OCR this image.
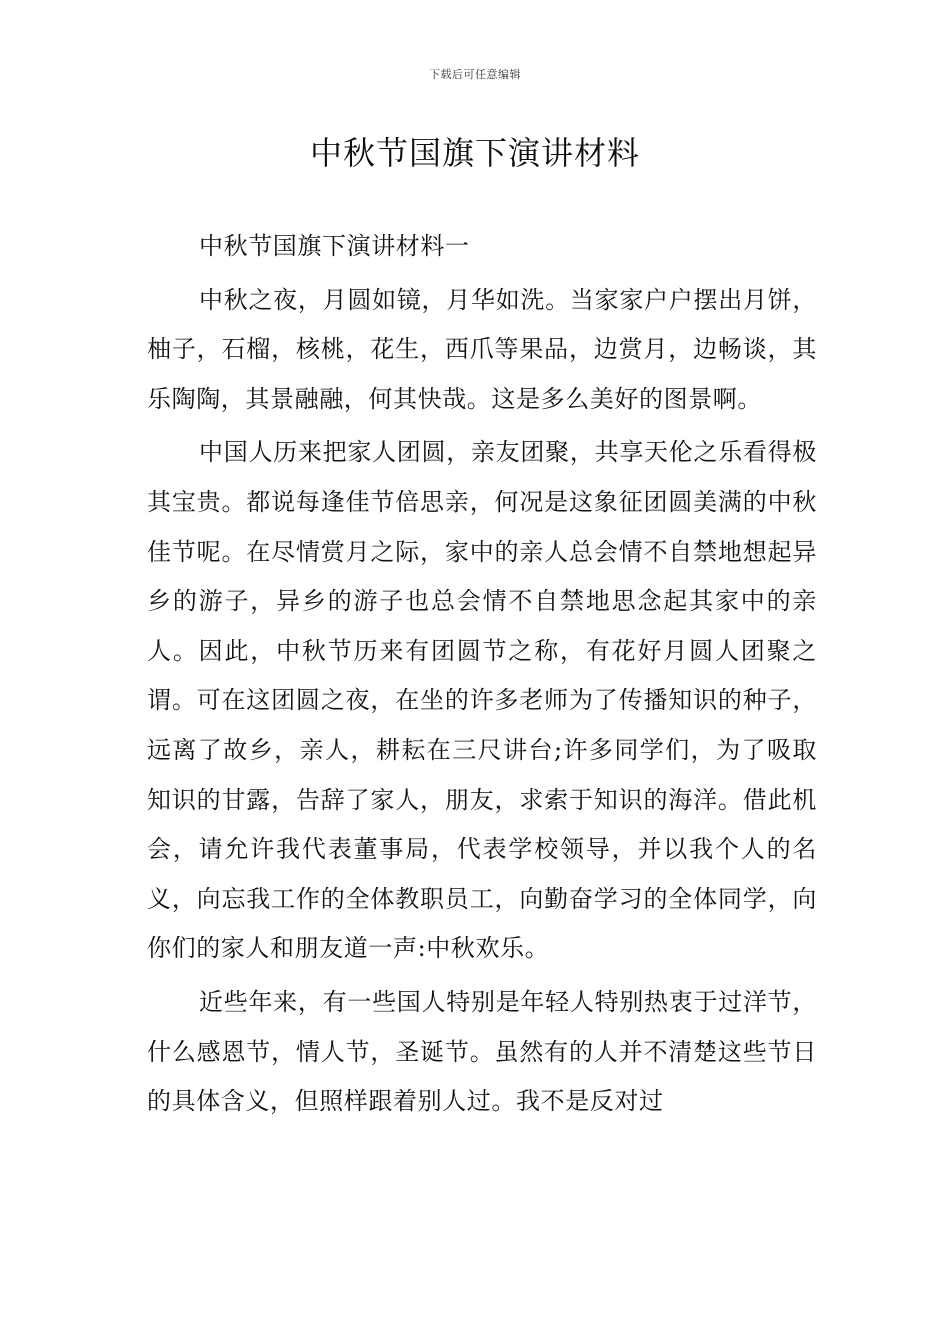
下载后可任意编辑
中秋节国旗下演讲材料

中秋节国旗下演讲材料一

中秋之夜，月圆如镜，月华如洗。当家家户户摆出月饼，柚子，石榴，核桃，花生，西爪等果品，边赏月，边畅谈，其乐陶陶，其景融融，何其快哉。这是多么美好的图景啊。

中国人历来把家人团圆，亲友团聚，共享天伦之乐看得极其宝贵。都说每逢佳节倍思亲，何况是这象征团圆美满的中秋佳节呢。在尽情赏月之际，家中的亲人总会情不自禁地想起异乡的游子，异乡的游子也总会情不自禁地思念起其家中的亲人。因此，中秋节历来有团圆节之称，有花好月圆人团聚之谓。可在这团圆之夜，在坐的许多老师为了传播知识的种子，远离了故乡，亲人，耕耘在三尺讲台;许多同学们，为了吸取知识的甘露，告辞了家人，朋友，求索于知识的海洋。借此机会，请允许我代表董事局，代表学校领导，并以我个人的名义，向忘我工作的全体教职员工，向勤奋学习的全体同学，向你们的家人和朋友道一声:中秋欢乐。

近些年来，有一些国人特别是年轻人特别热衷于过洋节，什么感恩节，情人节，圣诞节。虽然有的人并不清楚这些节日的具体含义，但照样跟着别人过。我不是反对过
